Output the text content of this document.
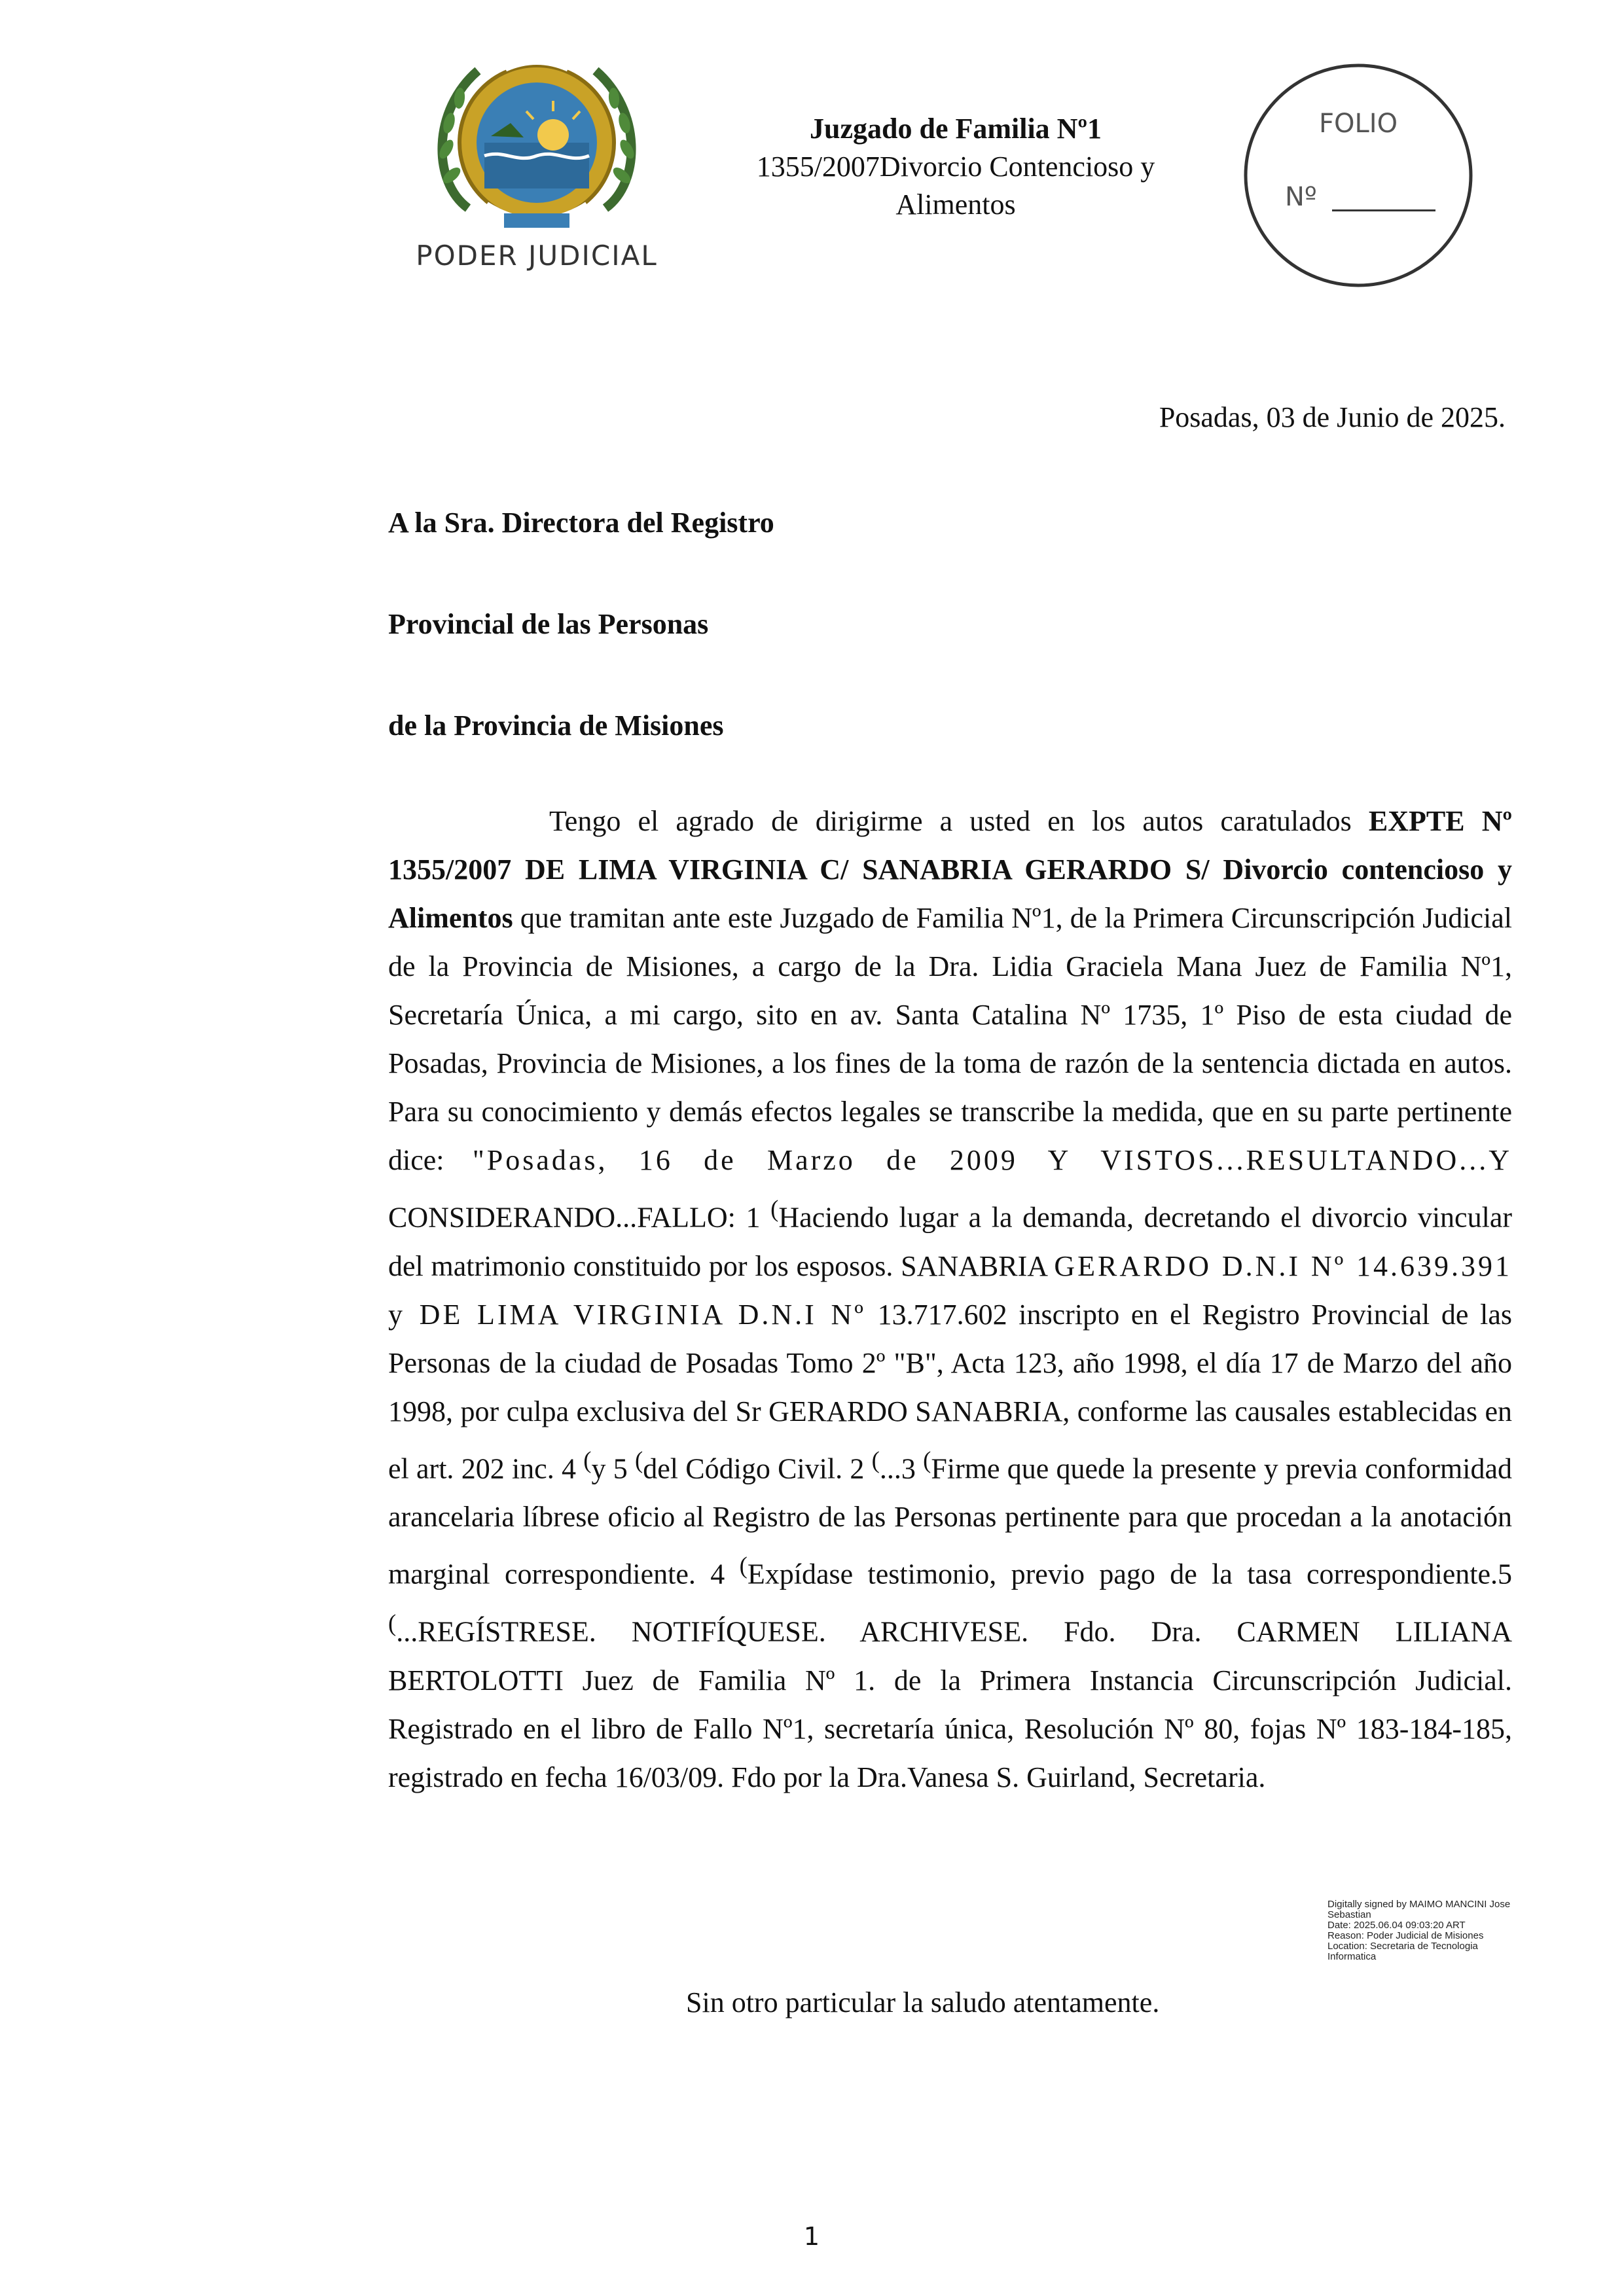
PODER JUDICIAL
Juzgado de Familia Nº1
1355/2007Divorcio Contencioso y
Alimentos
FOLIO
Nº
Posadas, 03 de Junio de 2025.
A la Sra. Directora del Registro
Provincial de las Personas
de la Provincia de Misiones
Tengo el agrado de dirigirme a usted en los autos caratulados EXPTE Nº 1355/2007 DE LIMA VIRGINIA C/ SANABRIA GERARDO S/ Divorcio contencioso y Alimentos que tramitan ante este Juzgado de Familia Nº1, de la Primera Circunscripción Judicial de la Provincia de Misiones, a cargo de la Dra. Lidia Graciela Mana Juez de Familia Nº1, Secretaría Única, a mi cargo, sito en av. Santa Catalina Nº 1735, 1º Piso de esta ciudad de Posadas, Provincia de Misiones, a los fines de la toma de razón de la sentencia dictada en autos. Para su conocimiento y demás efectos legales se transcribe la medida, que en su parte pertinente dice: "Posadas, 16 de Marzo de 2009 Y VISTOS...RESULTANDO...Y CONSIDERANDO...FALLO: 1 (Haciendo lugar a la demanda, decretando el divorcio vincular del matrimonio constituido por los esposos. SANABRIA GERARDO D.N.I Nº 14.639.391 y DE LIMA VIRGINIA D.N.I Nº 13.717.602 inscripto en el Registro Provincial de las Personas de la ciudad de Posadas Tomo 2º "B", Acta 123, año 1998, el día 17 de Marzo del año 1998, por culpa exclusiva del Sr GERARDO SANABRIA, conforme las causales establecidas en el art. 202 inc. 4 (y 5 (del Código Civil. 2 (...3 (Firme que quede la presente y previa conformidad arancelaria líbrese oficio al Registro de las Personas pertinente para que procedan a la anotación marginal correspondiente. 4 (Expídase testimonio, previo pago de la tasa correspondiente.5 (...REGÍSTRESE. NOTIFÍQUESE. ARCHIVESE. Fdo. Dra. CARMEN LILIANA BERTOLOTTI Juez de Familia Nº 1. de la Primera Instancia Circunscripción Judicial. Registrado en el libro de Fallo Nº1, secretaría única, Resolución Nº 80, fojas Nº 183-184-185, registrado en fecha 16/03/09. Fdo por la Dra.Vanesa S. Guirland, Secretaria.
Digitally signed by MAIMO MANCINI Jose
Sebastian
Date: 2025.06.04 09:03:20 ART
Reason: Poder Judicial de Misiones
Location: Secretaria de Tecnologia
Informatica
Sin otro particular la saludo atentamente.
1
